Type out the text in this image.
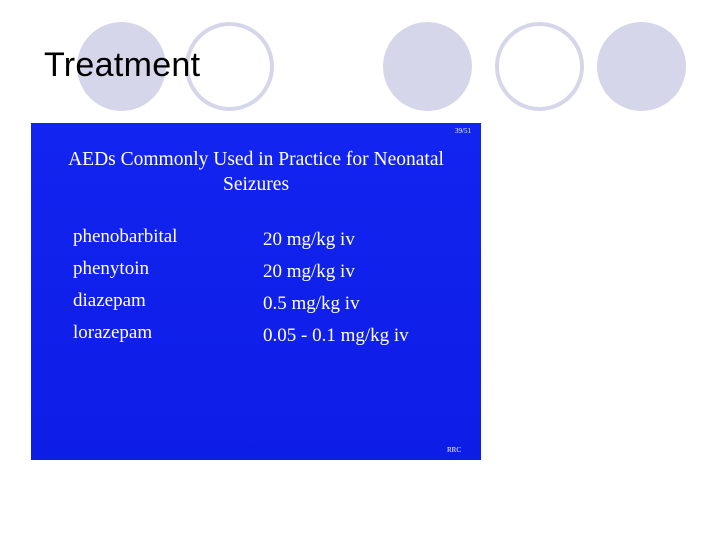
Treatment
39/51
AEDs Commonly Used in Practice for Neonatal
Seizures
phenobarbital
phenytoin
diazepam
lorazepam
20 mg/kg iv
20 mg/kg iv
0.5 mg/kg iv
0.05 - 0.1 mg/kg iv
RRC
